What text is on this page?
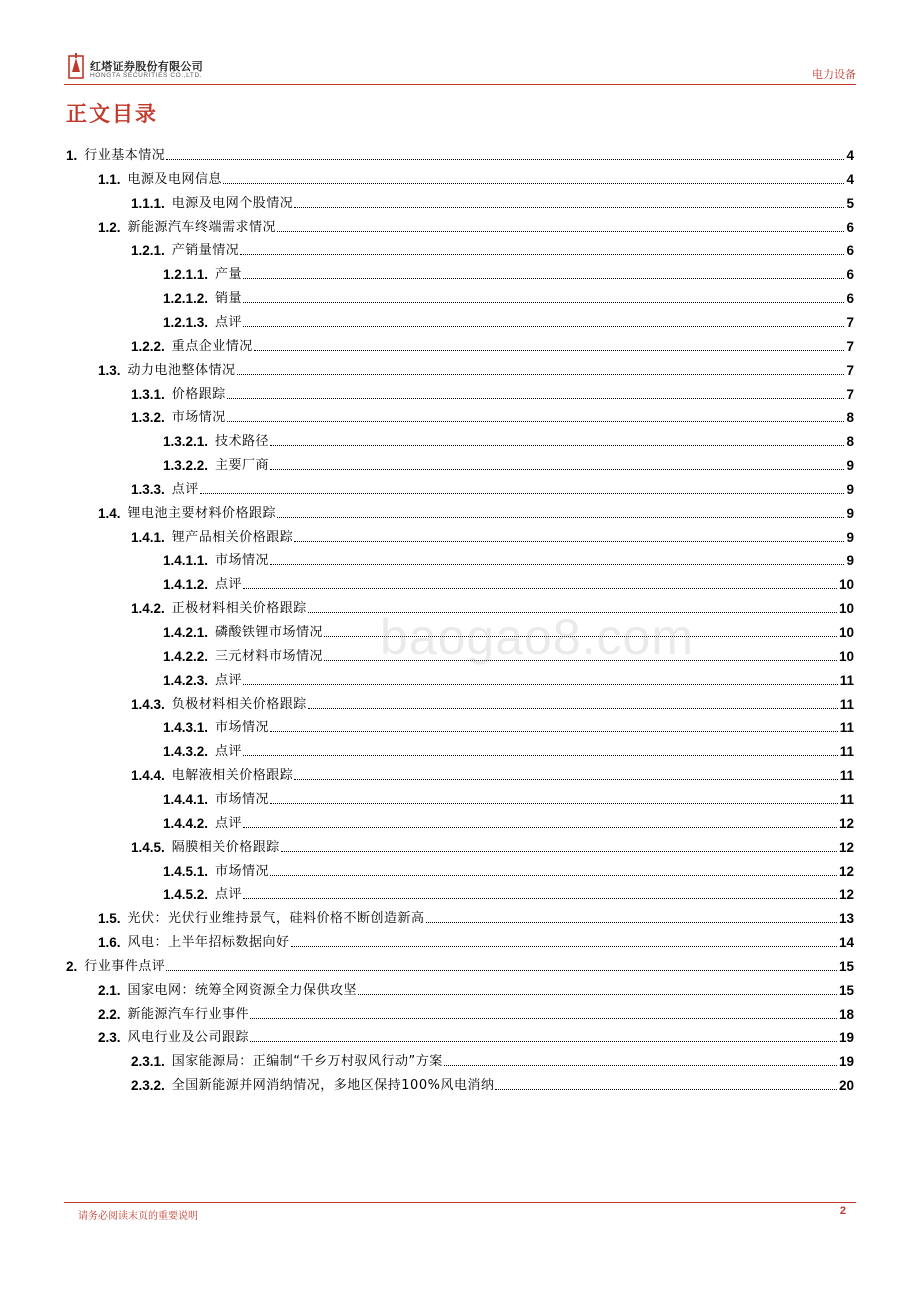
红塔证券股份有限公司
HONGTA SECURITIES CO.,LTD.	电力设备
正文目录
1. 行业基本情况	4
1.1. 电源及电网信息	4
1.1.1. 电源及电网个股情况	5
1.2. 新能源汽车终端需求情况	6
1.2.1. 产销量情况	6
1.2.1.1. 产量	6
1.2.1.2. 销量	6
1.2.1.3. 点评	7
1.2.2. 重点企业情况	7
1.3. 动力电池整体情况	7
1.3.1. 价格跟踪	7
1.3.2. 市场情况	8
1.3.2.1. 技术路径	8
1.3.2.2. 主要厂商	9
1.3.3. 点评	9
1.4. 锂电池主要材料价格跟踪	9
1.4.1. 锂产品相关价格跟踪	9
1.4.1.1. 市场情况	9
1.4.1.2. 点评	10
1.4.2. 正极材料相关价格跟踪	10
1.4.2.1. 磷酸铁锂市场情况	10
1.4.2.2. 三元材料市场情况	10
1.4.2.3. 点评	11
1.4.3. 负极材料相关价格跟踪	11
1.4.3.1. 市场情况	11
1.4.3.2. 点评	11
1.4.4. 电解液相关价格跟踪	11
1.4.4.1. 市场情况	11
1.4.4.2. 点评	12
1.4.5. 隔膜相关价格跟踪	12
1.4.5.1. 市场情况	12
1.4.5.2. 点评	12
1.5. 光伏：光伏行业维持景气，硅料价格不断创造新高	13
1.6. 风电：上半年招标数据向好	14
2. 行业事件点评	15
2.1. 国家电网：统筹全网资源全力保供攻坚	15
2.2. 新能源汽车行业事件	18
2.3. 风电行业及公司跟踪	19
2.3.1. 国家能源局：正编制“千乡万村驭风行动”方案	19
2.3.2. 全国新能源并网消纳情况，多地区保持100%风电消纳	20
baogao8.com
请务必阅读末页的重要说明	2
